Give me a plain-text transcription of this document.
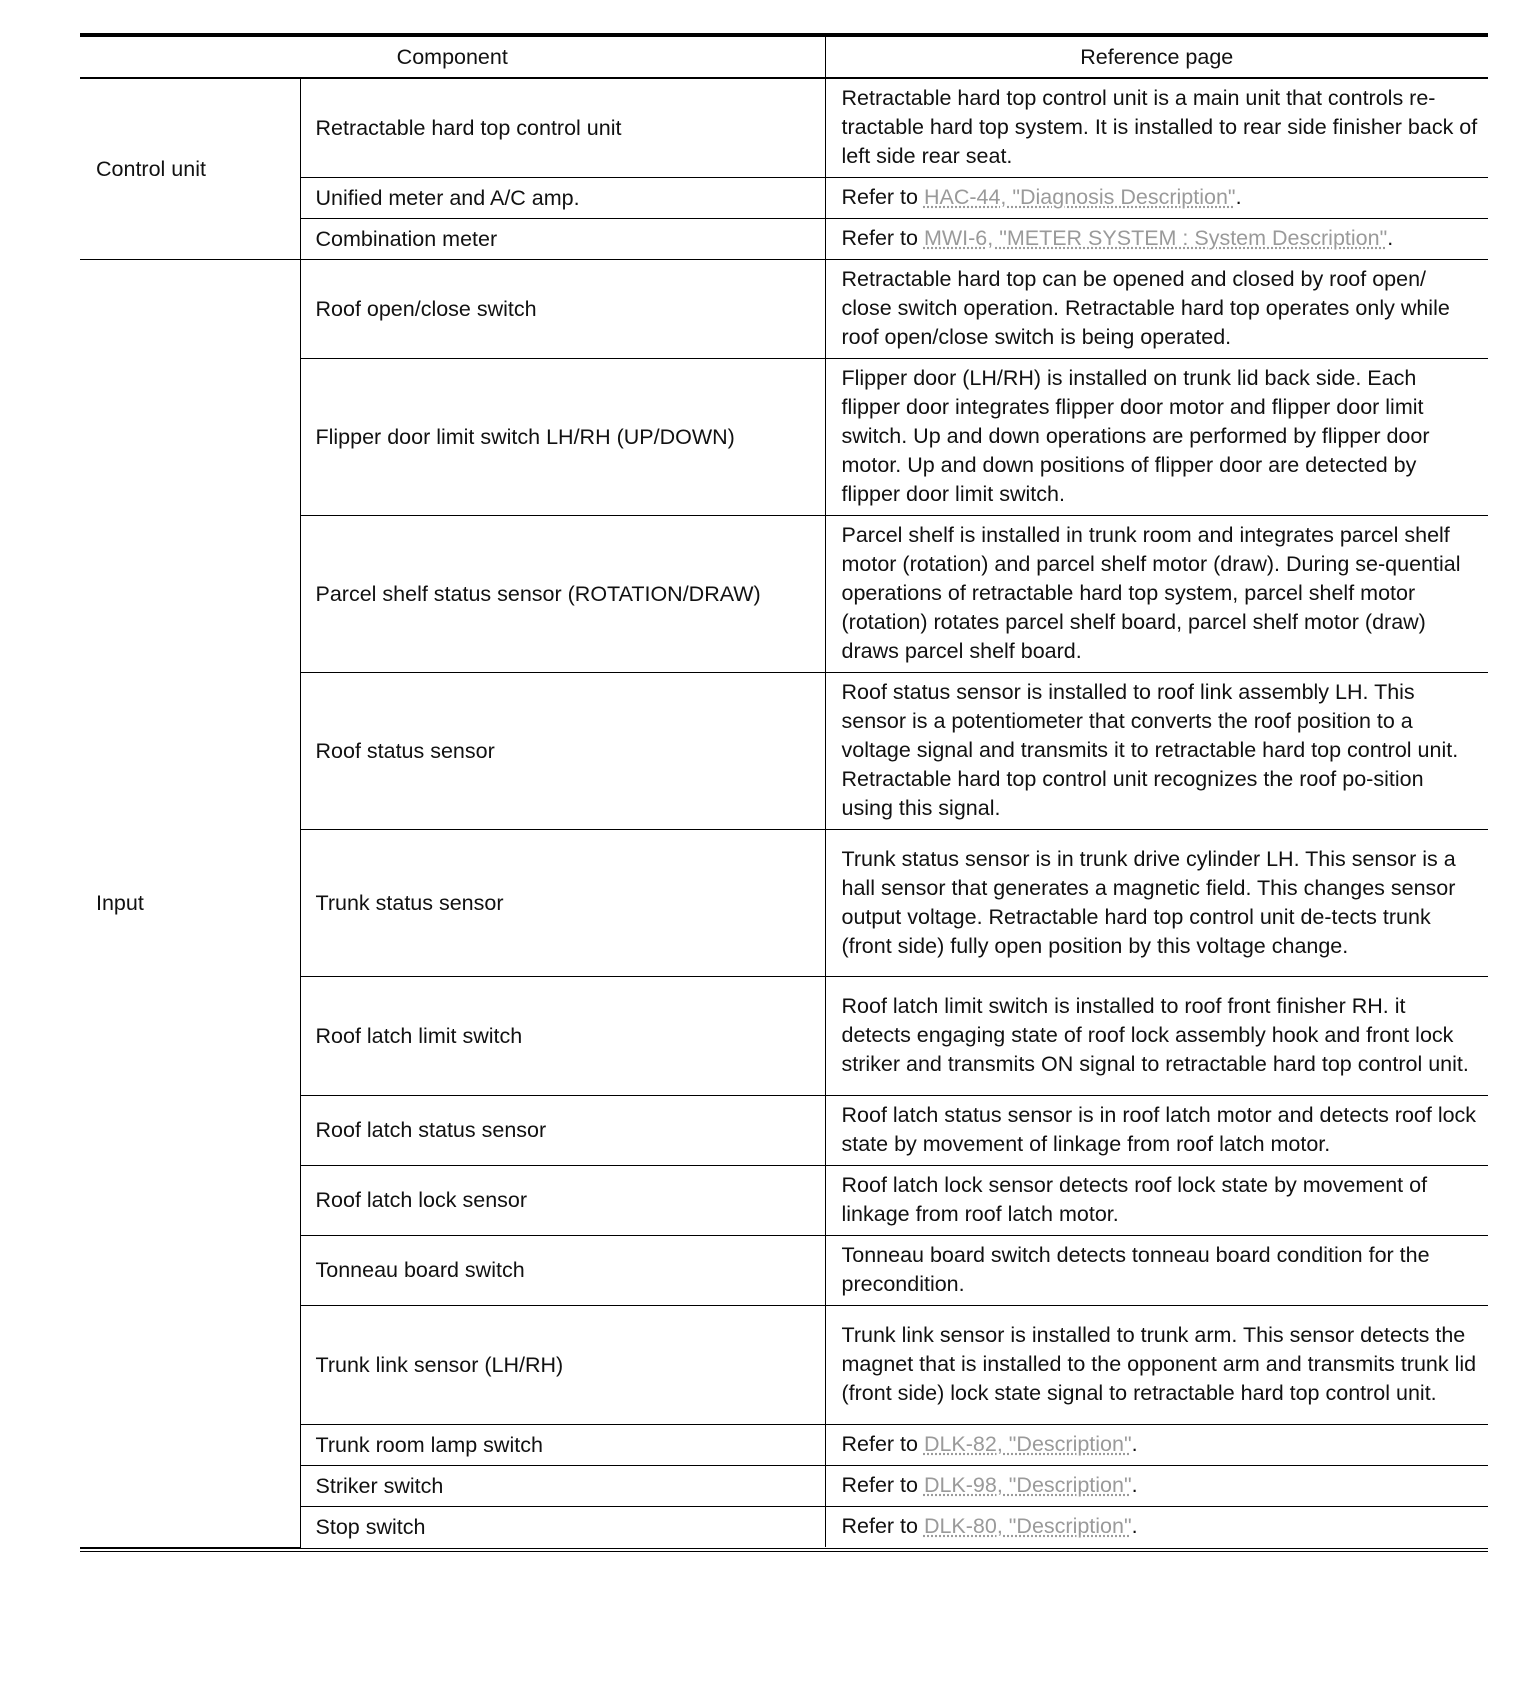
Component		Reference page
Control unit	Retractable hard top control unit	Retractable hard top control unit is a main unit that controls re-tractable hard top system. It is installed to rear side finisher back of left side rear seat.
	Unified meter and A/C amp.	Refer to HAC-44, "Diagnosis Description".
	Combination meter	Refer to MWI-6, "METER SYSTEM : System Description".
Input	Roof open/close switch	Retractable hard top can be opened and closed by roof open/ close switch operation. Retractable hard top operates only while roof open/close switch is being operated.
	Flipper door limit switch LH/RH (UP/DOWN)	Flipper door (LH/RH) is installed on trunk lid back side. Each flipper door integrates flipper door motor and flipper door limit switch. Up and down operations are performed by flipper door motor. Up and down positions of flipper door are detected by flipper door limit switch.
	Parcel shelf status sensor (ROTATION/DRAW)	Parcel shelf is installed in trunk room and integrates parcel shelf motor (rotation) and parcel shelf motor (draw). During se-quential operations of retractable hard top system, parcel shelf motor (rotation) rotates parcel shelf board, parcel shelf motor (draw) draws parcel shelf board.
	Roof status sensor	Roof status sensor is installed to roof link assembly LH. This sensor is a potentiometer that converts the roof position to a voltage signal and transmits it to retractable hard top control unit. Retractable hard top control unit recognizes the roof po-sition using this signal.
	Trunk status sensor	Trunk status sensor is in trunk drive cylinder LH. This sensor is a hall sensor that generates a magnetic field. This changes sensor output voltage. Retractable hard top control unit de-tects trunk (front side) fully open position by this voltage change.
	Roof latch limit switch	Roof latch limit switch is installed to roof front finisher RH. it detects engaging state of roof lock assembly hook and front lock striker and transmits ON signal to retractable hard top control unit.
	Roof latch status sensor	Roof latch status sensor is in roof latch motor and detects roof lock state by movement of linkage from roof latch motor.
	Roof latch lock sensor	Roof latch lock sensor detects roof lock state by movement of linkage from roof latch motor.
	Tonneau board switch	Tonneau board switch detects tonneau board condition for the precondition.
	Trunk link sensor (LH/RH)	Trunk link sensor is installed to trunk arm. This sensor detects the magnet that is installed to the opponent arm and transmits trunk lid (front side) lock state signal to retractable hard top control unit.
	Trunk room lamp switch	Refer to DLK-82, "Description".
	Striker switch	Refer to DLK-98, "Description".
	Stop switch	Refer to DLK-80, "Description".
